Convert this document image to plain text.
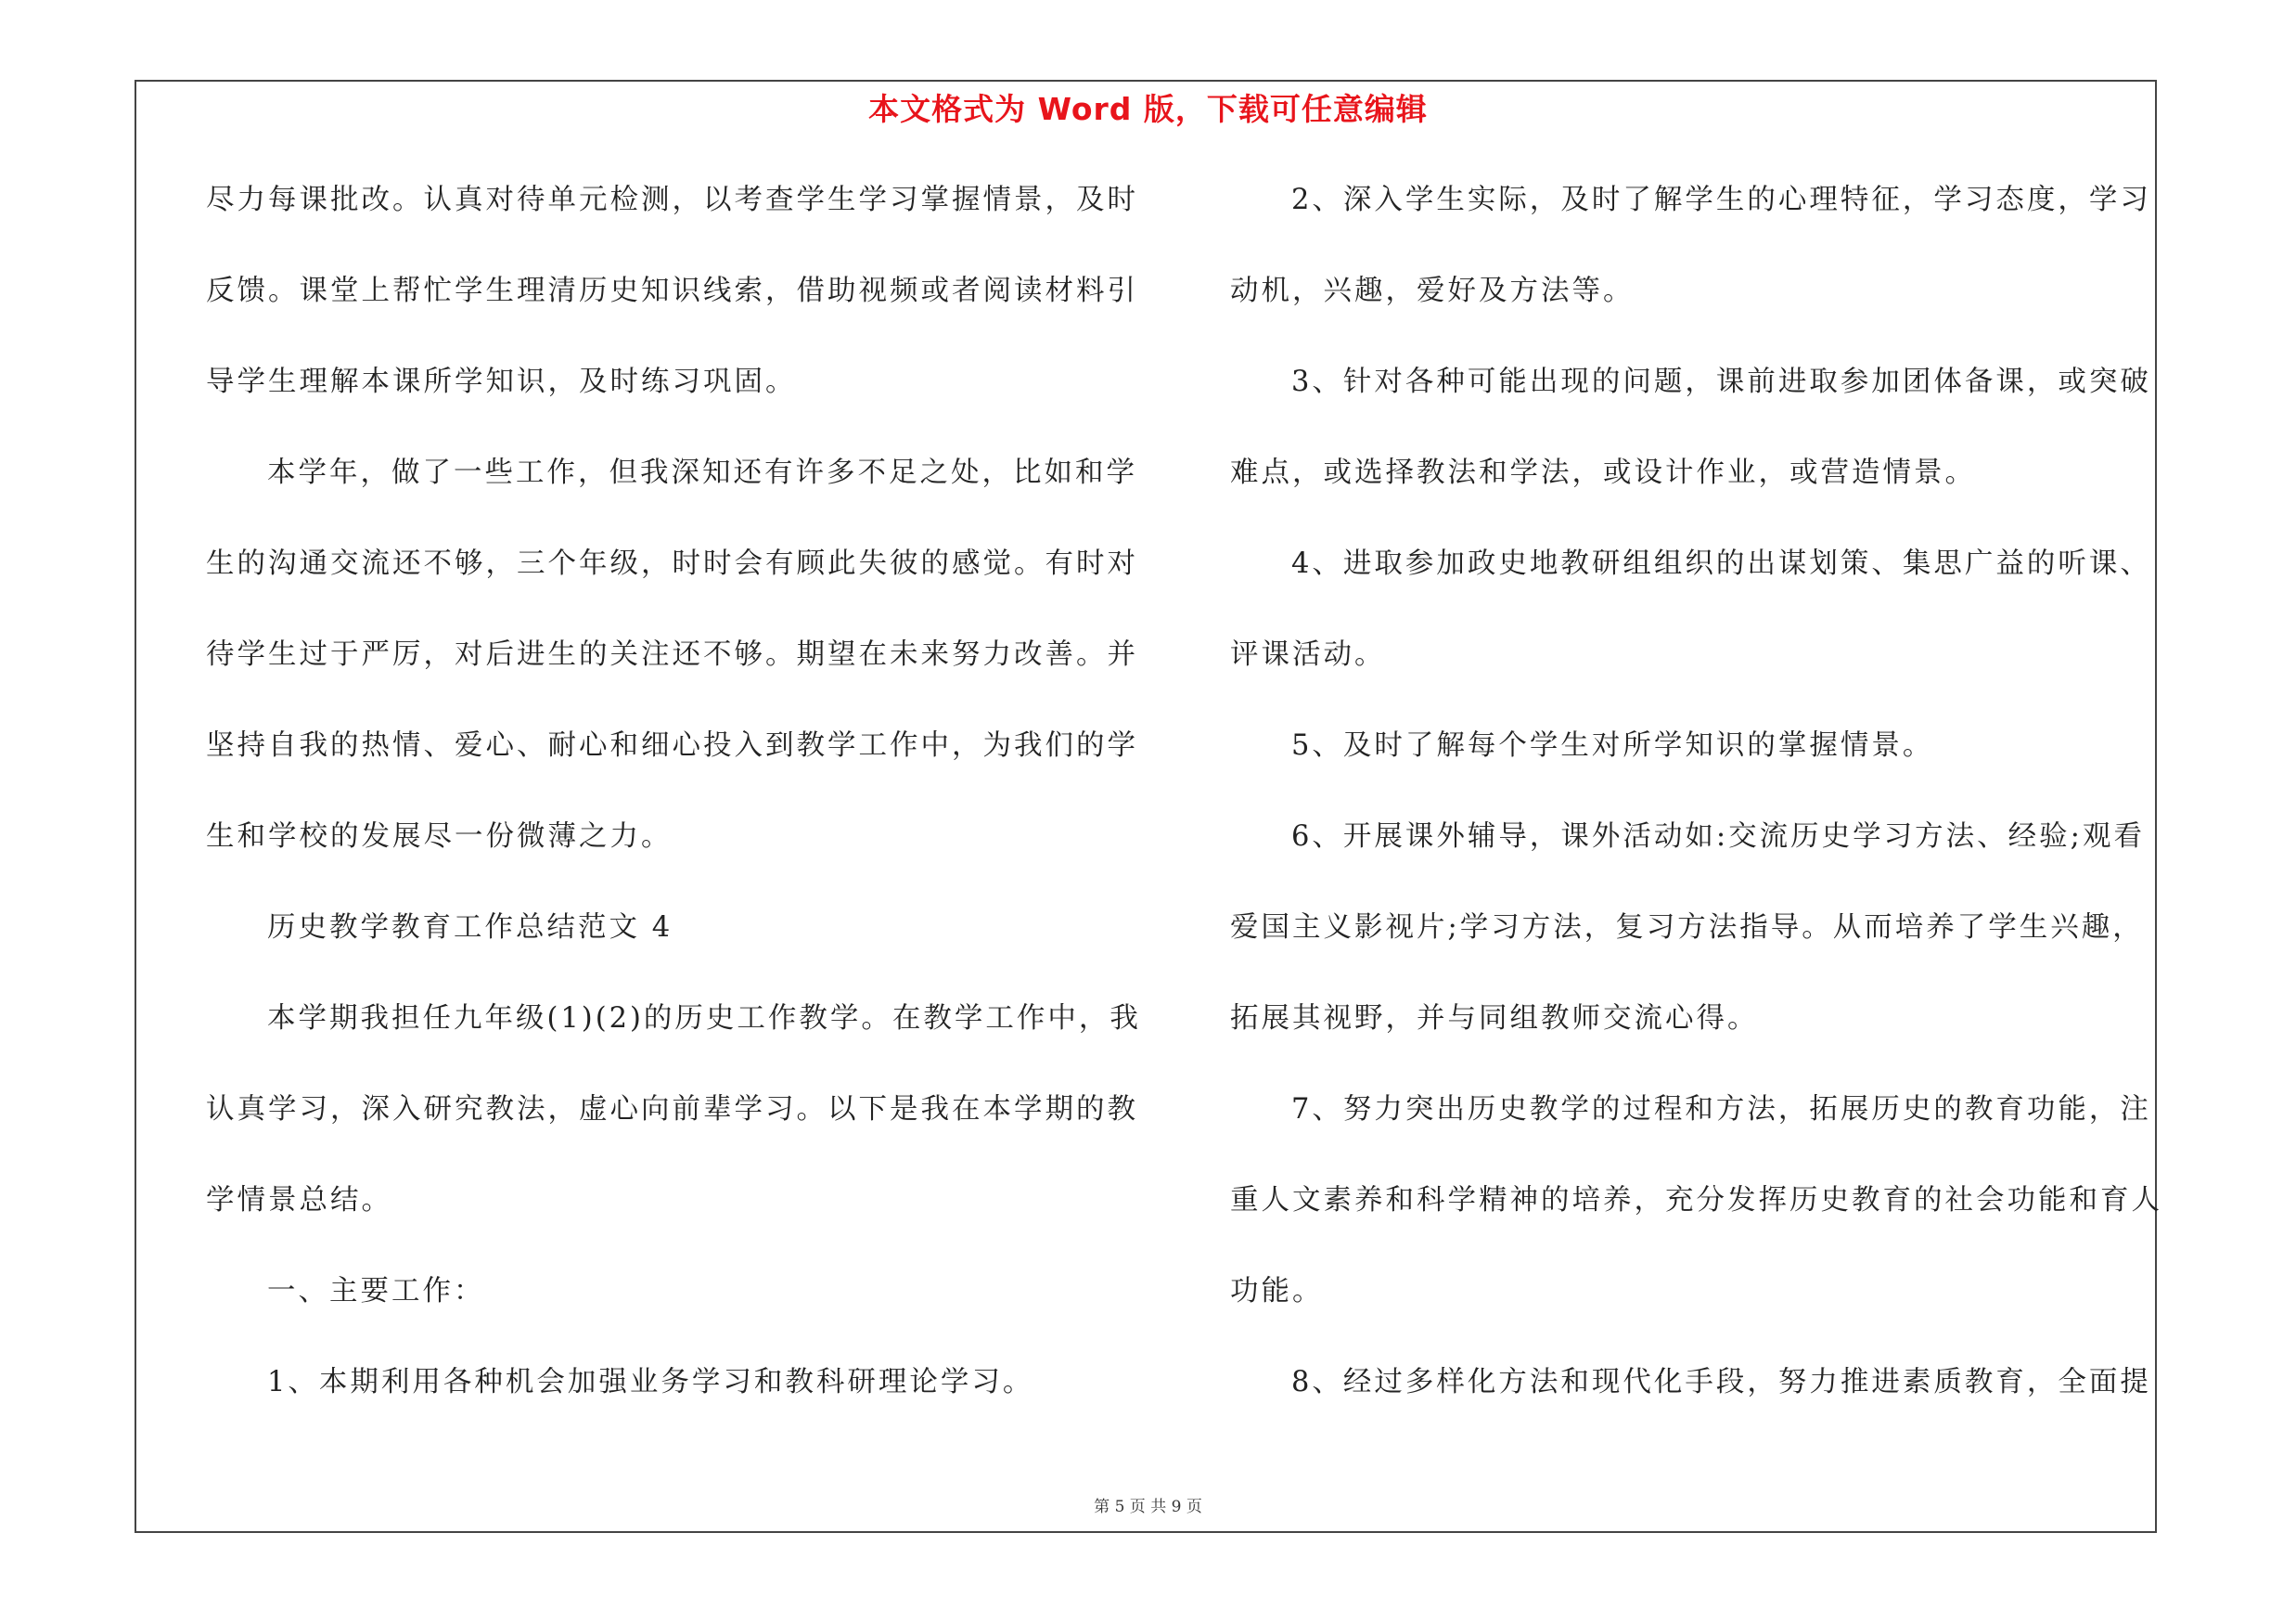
本文格式为 Word 版，下载可任意编辑
尽力每课批改。认真对待单元检测，以考查学生学习掌握情景，及时
反馈。课堂上帮忙学生理清历史知识线索，借助视频或者阅读材料引
导学生理解本课所学知识，及时练习巩固。
本学年，做了一些工作，但我深知还有许多不足之处，比如和学
生的沟通交流还不够，三个年级，时时会有顾此失彼的感觉。有时对
待学生过于严厉，对后进生的关注还不够。期望在未来努力改善。并
坚持自我的热情、爱心、耐心和细心投入到教学工作中，为我们的学
生和学校的发展尽一份微薄之力。
历史教学教育工作总结范文 4
本学期我担任九年级(1)(2)的历史工作教学。在教学工作中，我
认真学习，深入研究教法，虚心向前辈学习。以下是我在本学期的教
学情景总结。
一、主要工作：
1、本期利用各种机会加强业务学习和教科研理论学习。
2、深入学生实际，及时了解学生的心理特征，学习态度，学习
动机，兴趣，爱好及方法等。
3、针对各种可能出现的问题，课前进取参加团体备课，或突破
难点，或选择教法和学法，或设计作业，或营造情景。
4、进取参加政史地教研组组织的出谋划策、集思广益的听课、
评课活动。
5、及时了解每个学生对所学知识的掌握情景。
6、开展课外辅导，课外活动如:交流历史学习方法、经验;观看
爱国主义影视片;学习方法，复习方法指导。从而培养了学生兴趣，
拓展其视野，并与同组教师交流心得。
7、努力突出历史教学的过程和方法，拓展历史的教育功能，注
重人文素养和科学精神的培养，充分发挥历史教育的社会功能和育人
功能。
8、经过多样化方法和现代化手段，努力推进素质教育，全面提
第 5 页 共 9 页
